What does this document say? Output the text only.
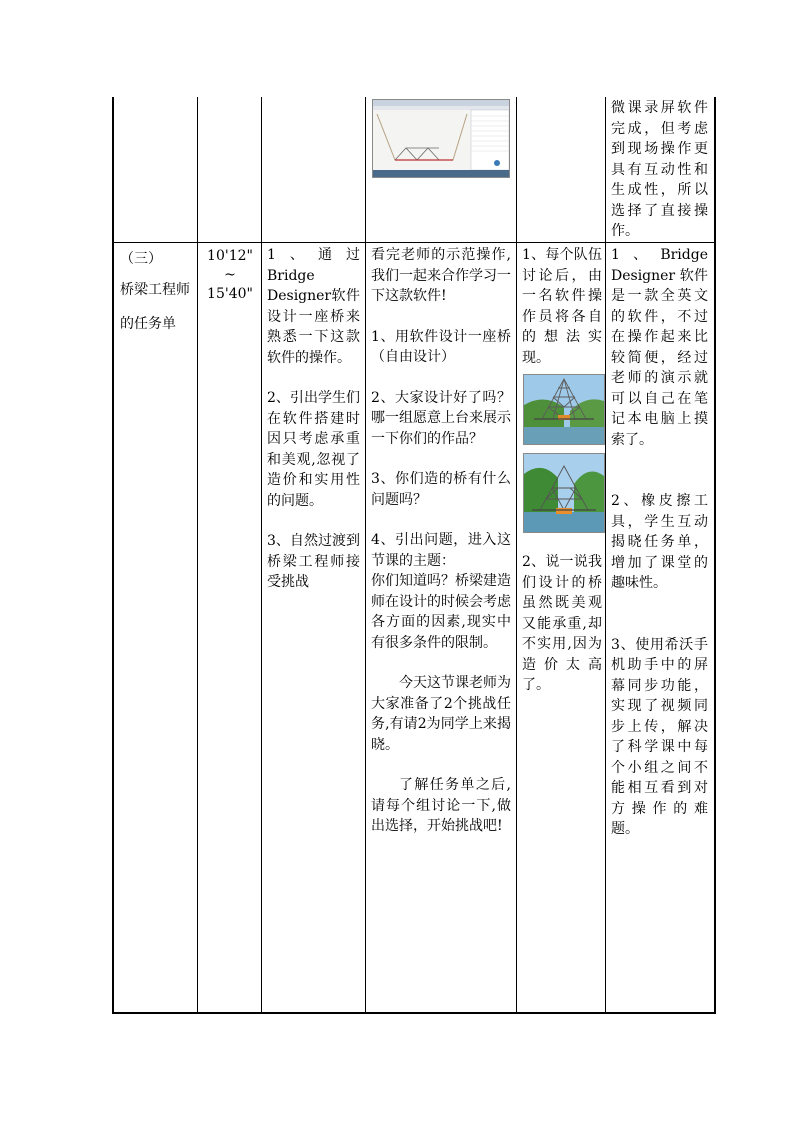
微课录屏软件完成，但考虑到现场操作更具有互动性和生成性，所以选择了直接操作。

（三）

桥梁工程师的任务单

10'12"

~

15'40"

1、通过Bridge Designer软件设计一座桥来熟悉一下这款软件的操作。

2、引出学生们在软件搭建时因只考虑承重和美观,忽视了造价和实用性的问题。

3、自然过渡到桥梁工程师接受挑战

看完老师的示范操作,我们一起来合作学习一下这款软件!

1、用软件设计一座桥（自由设计）

2、大家设计好了吗？哪一组愿意上台来展示一下你们的作品？

3、你们造的桥有什么问题吗？

4、引出问题，进入这节课的主题：

你们知道吗？桥梁建造师在设计的时候会考虑各方面的因素,现实中有很多条件的限制。

今天这节课老师为大家准备了2个挑战任务,有请2为同学上来揭晓。

了解任务单之后,请每个组讨论一下,做出选择，开始挑战吧!

1、每个队伍讨论后，由一名软件操作员将各自的想法实现。

2、说一说我们设计的桥虽然既美观又能承重,却不实用,因为造价太高了。

1、Bridge Designer 软件是一款全英文的软件，不过在操作起来比较简便，经过老师的演示就可以自己在笔记本电脑上摸索了。

2、橡皮擦工具，学生互动揭晓任务单，增加了课堂的趣味性。

3、使用希沃手机助手中的屏幕同步功能，实现了视频同步上传，解决了科学课中每个小组之间不能相互看到对方操作的难题。
